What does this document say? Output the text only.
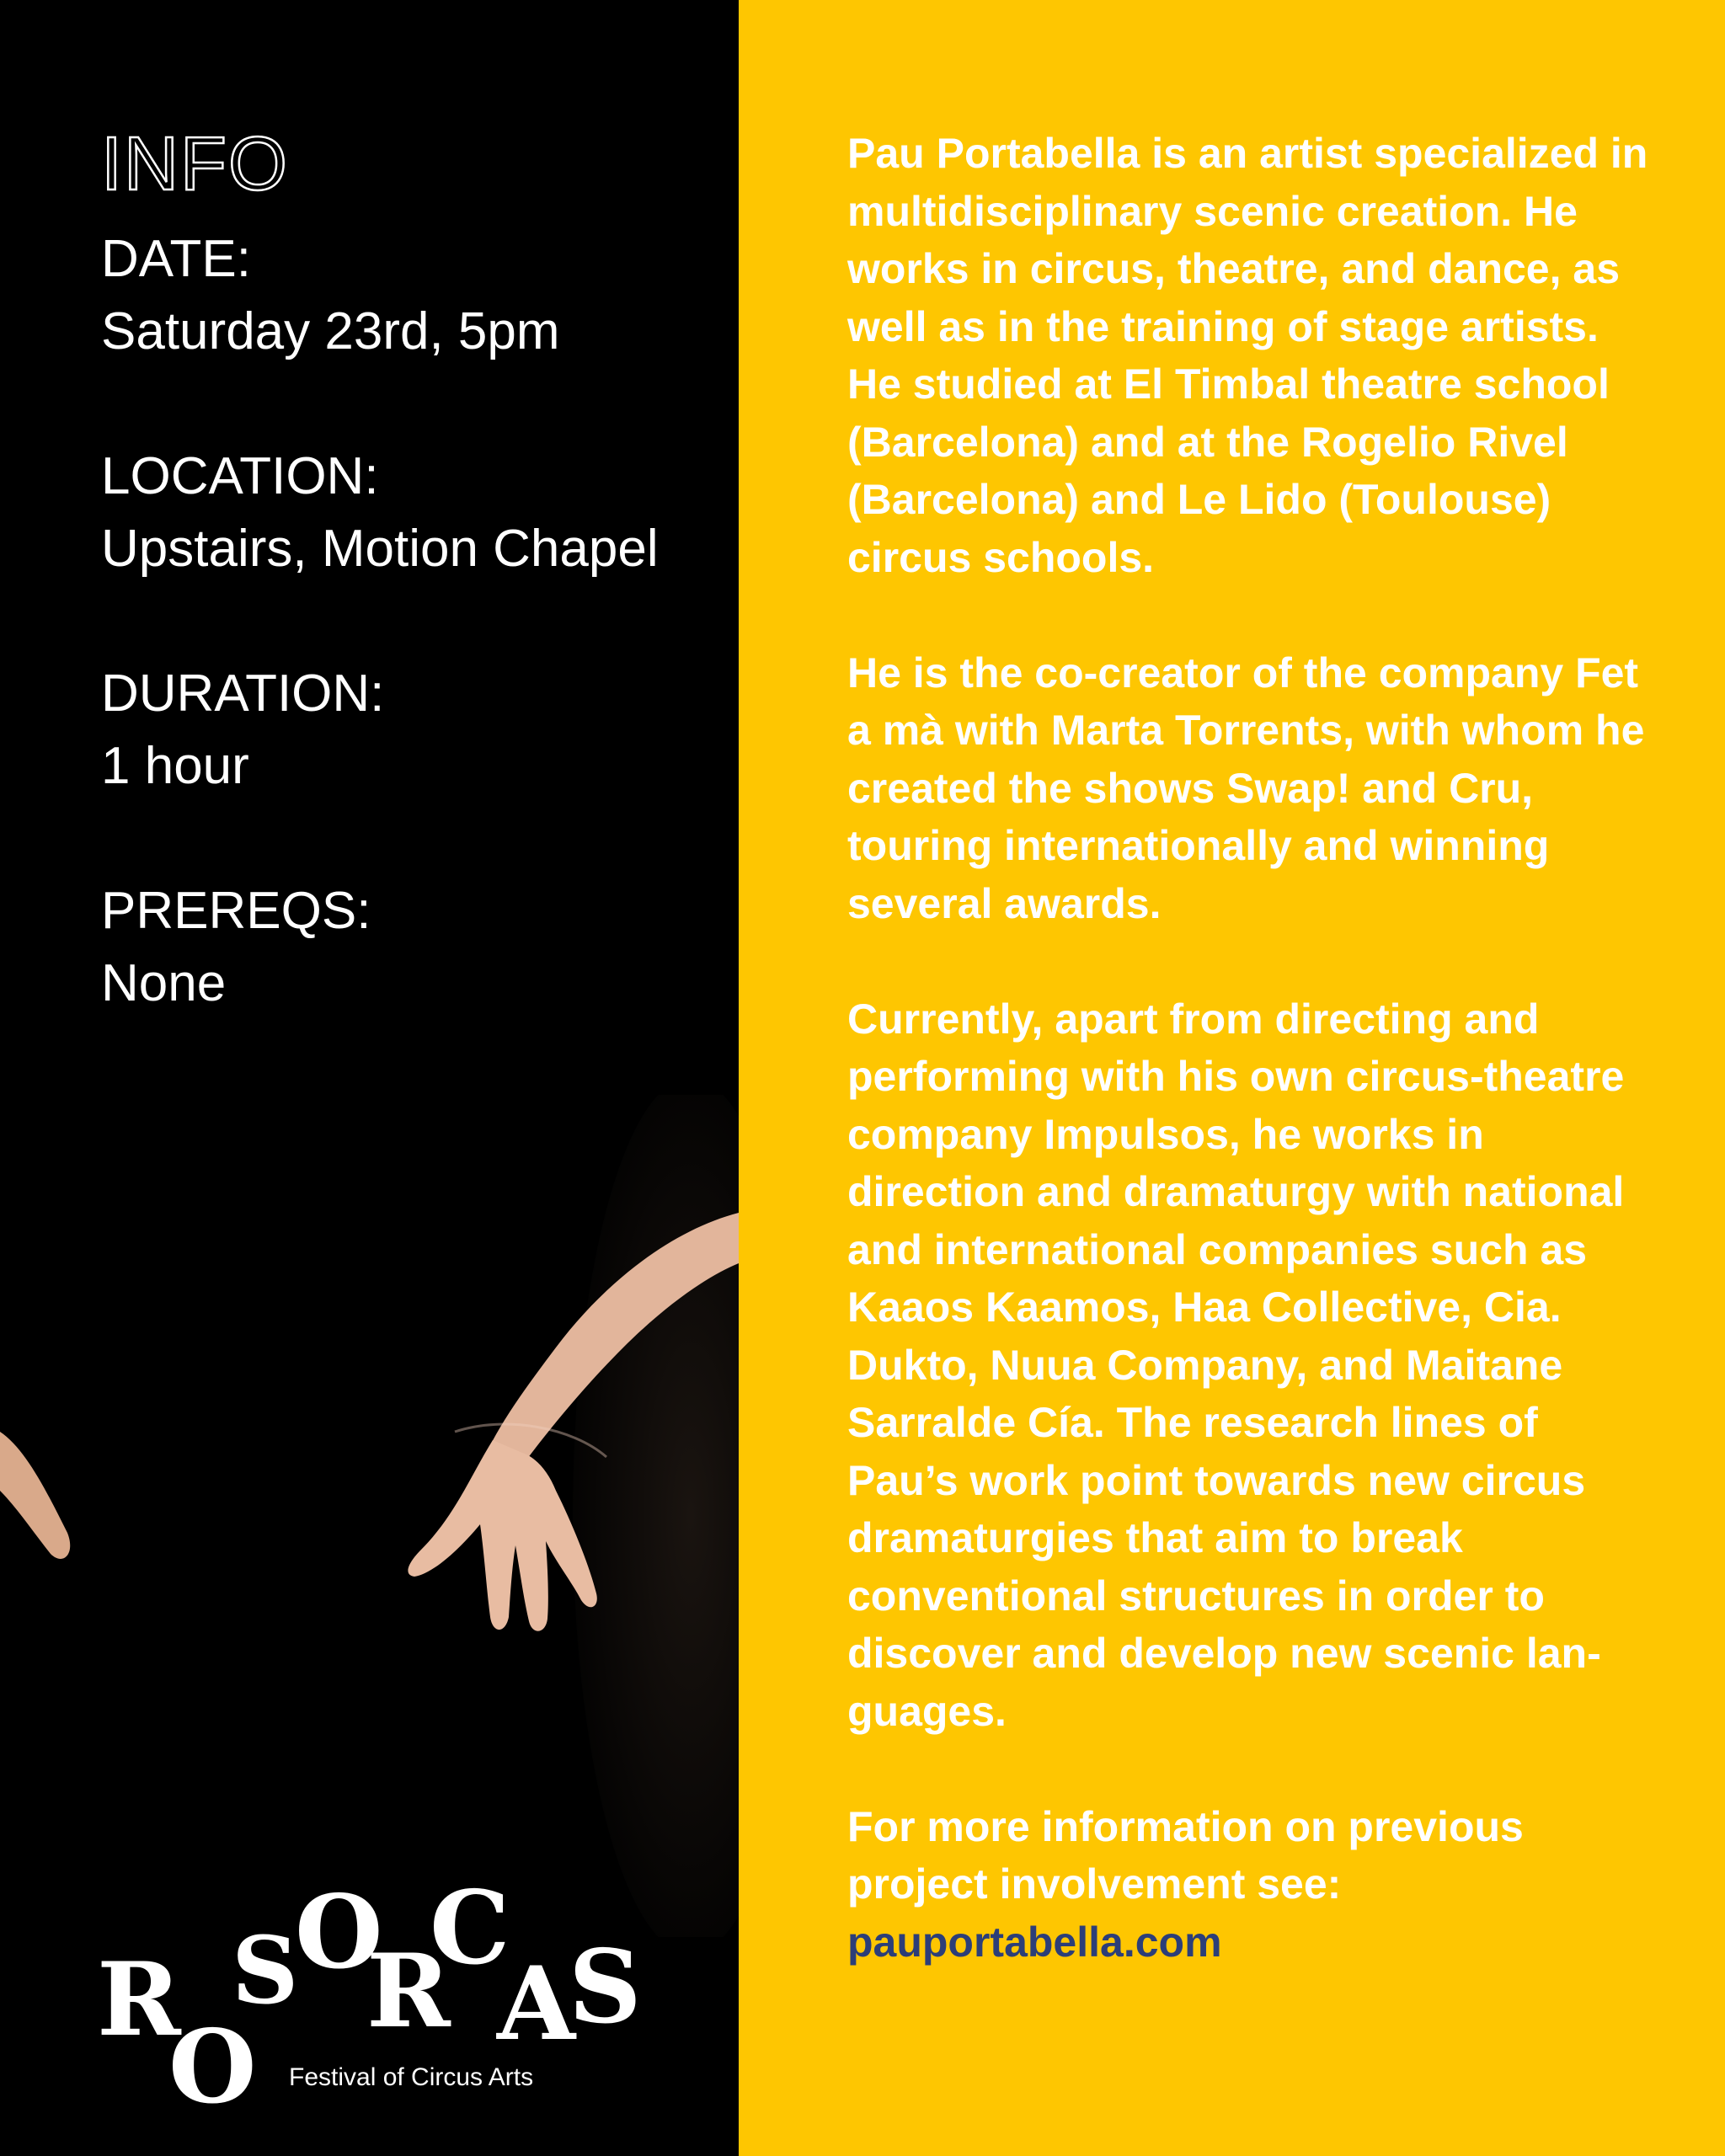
INFO
DATE:
Saturday 23rd, 5pm
LOCATION:
Upstairs, Motion Chapel
DURATION:
1 hour
PREREQS:
None
R
O
S
O
R
C
A
S
Festival of Circus Arts

Pau Portabella is an artist specialized in multidisciplinary scenic creation. He works in circus, theatre, and dance, as well as in the training of stage artists. He studied at El Timbal theatre school (Barcelona) and at the Rogelio Rivel (Barcelona) and Le Lido (Toulouse) circus schools.

He is the co-creator of the company Fet a mà with Marta Torrents, with whom he created the shows Swap! and Cru, touring internationally and winning several awards.

Currently, apart from directing and performing with his own circus-theatre company Impulsos, he works in direction and dramaturgy with national and international companies such as Kaaos Kaamos, Haa Collective, Cia. Dukto, Nuua Company, and Maitane Sarralde Cía. The research lines of Pau’s work point towards new circus dramaturgies that aim to break conventional structures in order to discover and develop new scenic languages.

For more information on previous project involvement see:
pauportabella.com
